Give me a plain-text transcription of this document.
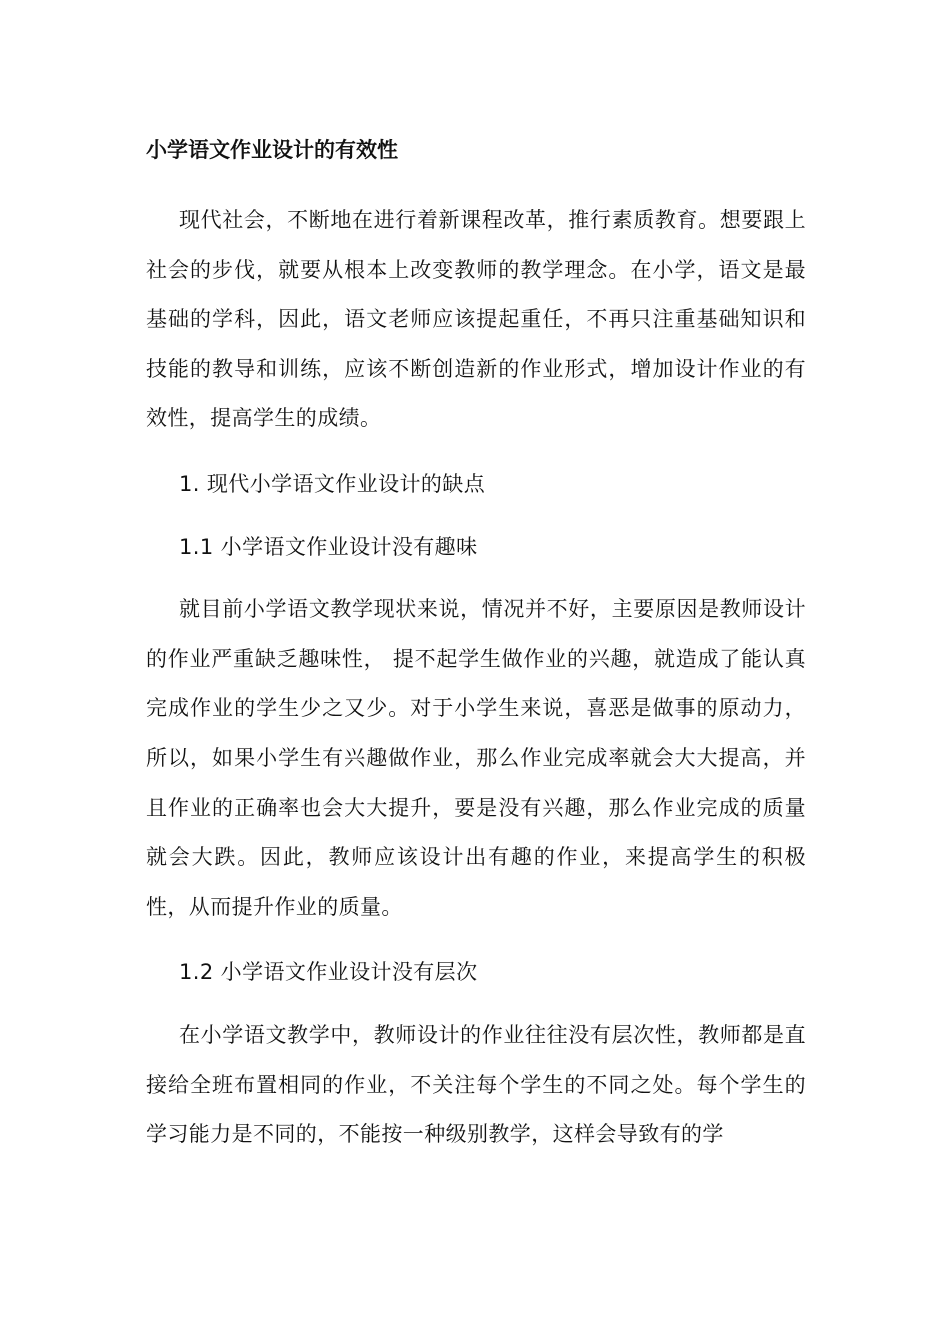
小学语文作业设计的有效性

现代社会，不断地在进行着新课程改革，推行素质教育。想要跟上社会的步伐，就要从根本上改变教师的教学理念。在小学，语文是最基础的学科，因此，语文老师应该提起重任，不再只注重基础知识和技能的教导和训练，应该不断创造新的作业形式，增加设计作业的有效性，提高学生的成绩。

1. 现代小学语文作业设计的缺点
1.1 小学语文作业设计没有趣味

就目前小学语文教学现状来说，情况并不好，主要原因是教师设计的作业严重缺乏趣味性， 提不起学生做作业的兴趣，就造成了能认真完成作业的学生少之又少。对于小学生来说，喜恶是做事的原动力，所以，如果小学生有兴趣做作业，那么作业完成率就会大大提高，并且作业的正确率也会大大提升，要是没有兴趣，那么作业完成的质量就会大跌。因此，教师应该设计出有趣的作业，来提高学生的积极性，从而提升作业的质量。

1.2 小学语文作业设计没有层次

在小学语文教学中，教师设计的作业往往没有层次性，教师都是直接给全班布置相同的作业，不关注每个学生的不同之处。每个学生的学习能力是不同的，不能按一种级别教学，这样会导致有的学
